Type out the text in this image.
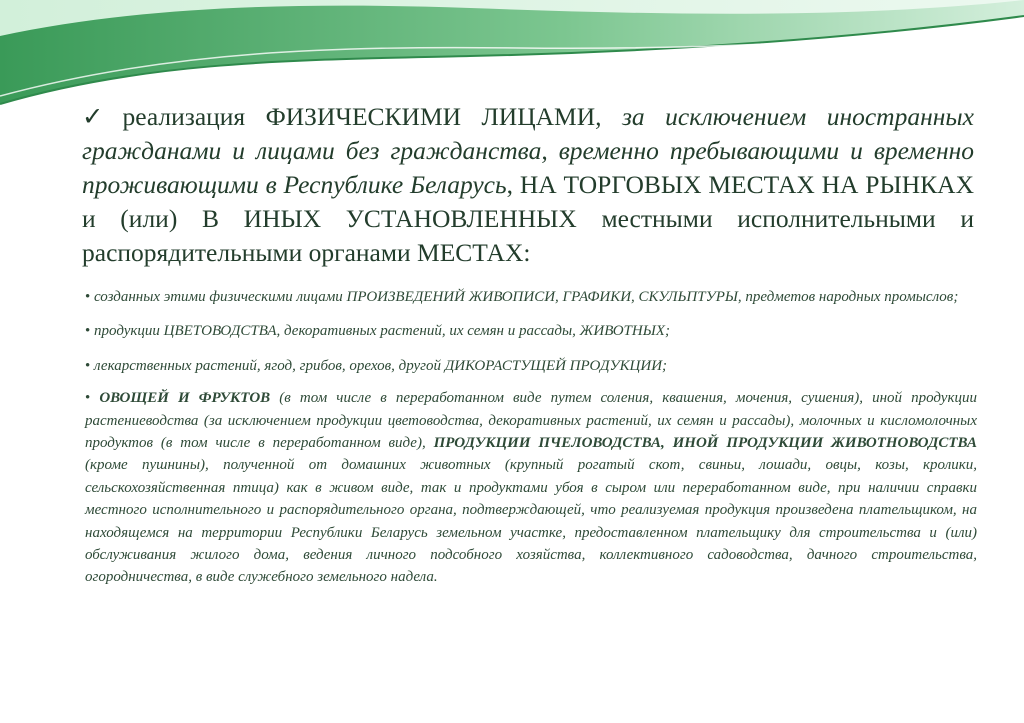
✓ реализация ФИЗИЧЕСКИМИ ЛИЦАМИ, за исключением иностранных гражданами и лицами без гражданства, временно пребывающими и временно проживающими в Республике Беларусь, НА ТОРГОВЫХ МЕСТАХ НА РЫНКАХ и (или) В ИНЫХ УСТАНОВЛЕННЫХ местными исполнительными и распорядительными органами МЕСТАХ:

• созданных этими физическими лицами ПРОИЗВЕДЕНИЙ ЖИВОПИСИ, ГРАФИКИ, СКУЛЬПТУРЫ, предметов народных промыслов;

• продукции ЦВЕТОВОДСТВА, декоративных растений, их семян и рассады, ЖИВОТНЫХ;

• лекарственных растений, ягод, грибов, орехов, другой ДИКОРАСТУЩЕЙ ПРОДУКЦИИ;

• ОВОЩЕЙ И ФРУКТОВ (в том числе в переработанном виде путем соления, квашения, мочения, сушения), иной продукции растениеводства (за исключением продукции цветоводства, декоративных растений, их семян и рассады), молочных и кисломолочных продуктов (в том числе в переработанном виде), ПРОДУКЦИИ ПЧЕЛОВОДСТВА, ИНОЙ ПРОДУКЦИИ ЖИВОТНОВОДСТВА (кроме пушнины), полученной от домашних животных (крупный рогатый скот, свиньи, лошади, овцы, козы, кролики, сельскохозяйственная птица) как в живом виде, так и продуктами убоя в сыром или переработанном виде, при наличии справки местного исполнительного и распорядительного органа, подтверждающей, что реализуемая продукция произведена плательщиком, на находящемся на территории Республики Беларусь земельном участке, предоставленном плательщику для строительства и (или) обслуживания жилого дома, ведения личного подсобного хозяйства, коллективного садоводства, дачного строительства, огородничества, в виде служебного земельного надела.
